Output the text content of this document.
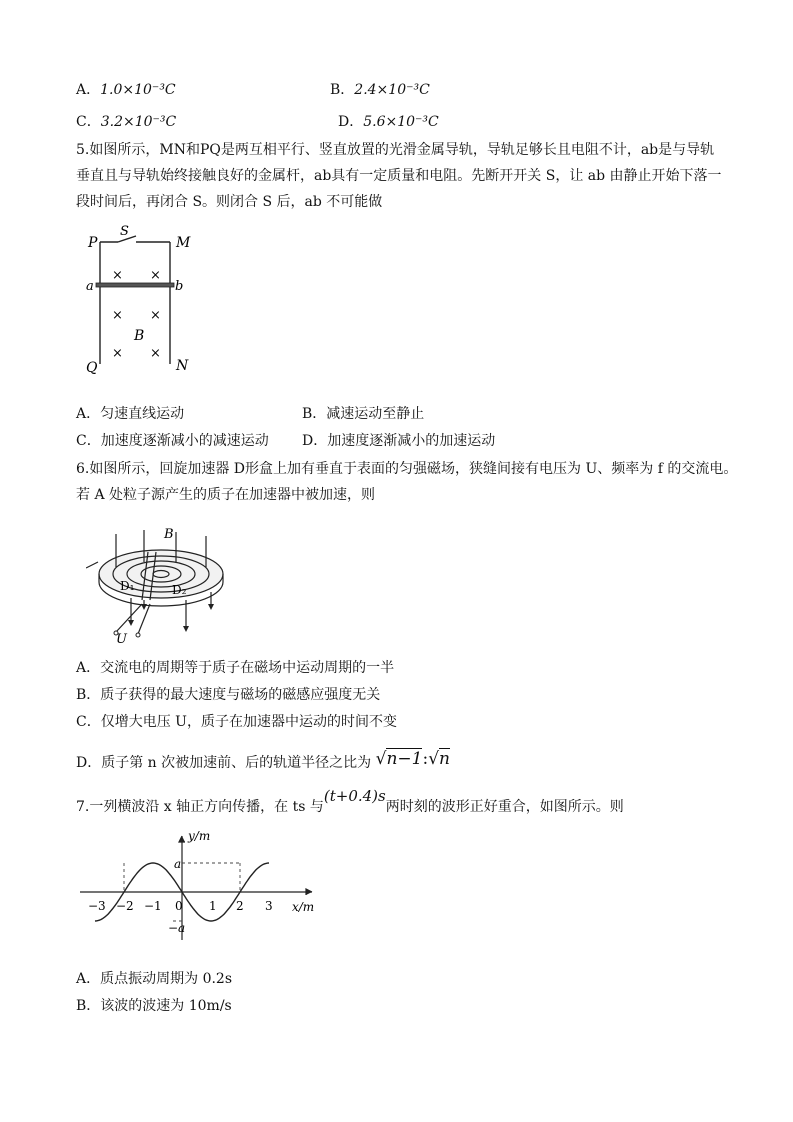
A．1.0×10⁻³C	B．2.4×10⁻³C
C．3.2×10⁻³C	D．5.6×10⁻³C
5.如图所示，MN和PQ是两互相平行、竖直放置的光滑金属导轨，导轨足够长且电阻不计，ab是与导轨
垂直且与导轨始终接触良好的金属杆，ab具有一定质量和电阻。先断开开关 S，让 ab 由静止开始下落一
段时间后，再闭合 S。则闭合 S 后，ab 不可能做
P
S
M
a	b
B
Q	N
× ×
× ×
× ×
A．匀速直线运动	B．减速运动至静止
C．加速度逐渐减小的减速运动 D．加速度逐渐减小的加速运动
6.如图所示，回旋加速器 D形盒上加有垂直于表面的匀强磁场，狭缝间接有电压为 U、频率为 f 的交流电。
若 A 处粒子源产生的质子在加速器中被加速，则
B
D₁	D₂
U
A．交流电的周期等于质子在磁场中运动周期的一半
B．质子获得的最大速度与磁场的磁感应强度无关
C．仅增大电压 U，质子在加速器中运动的时间不变
D．质子第 n 次被加速前、后的轨道半径之比为 √n−1:√n
7.一列横波沿 x 轴正方向传播，在 ts 与(t+0.4)s两时刻的波形正好重合，如图所示。则
y/m
x/m
a
−a
−3 −2 −1 0 1 2 3
A．质点振动周期为 0.2s
B．该波的波速为 10m/s
